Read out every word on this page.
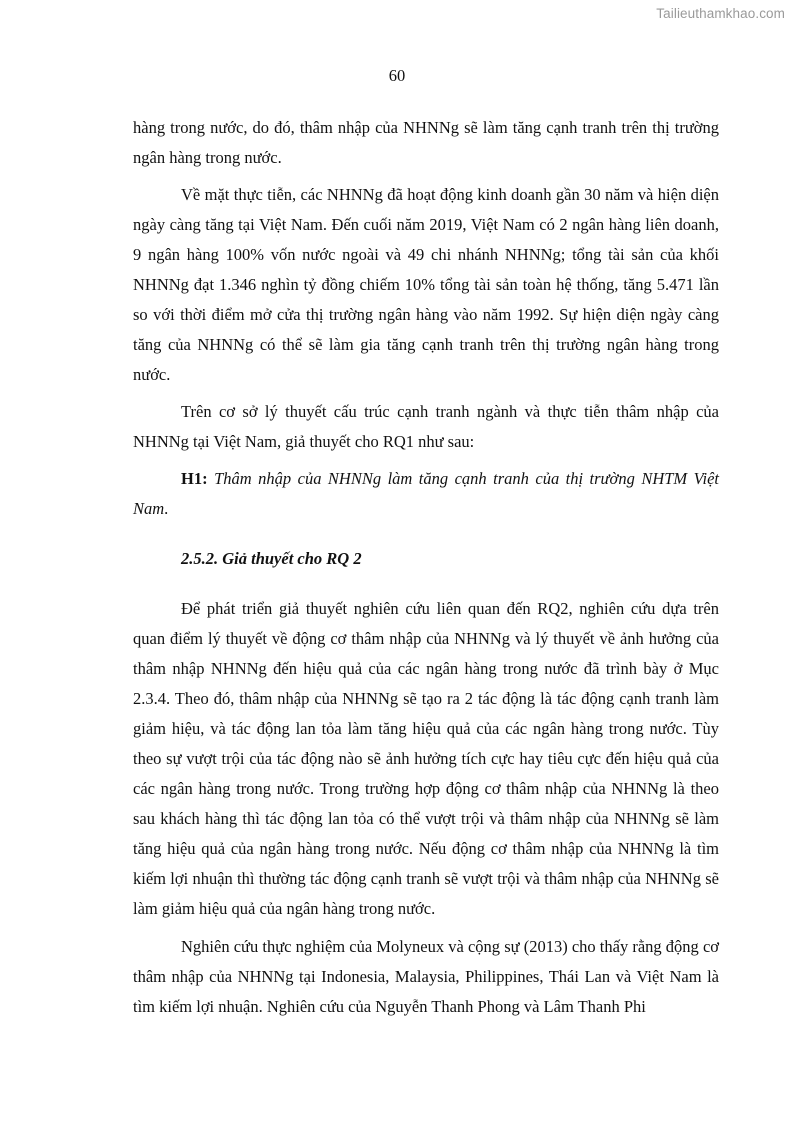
Tailieuthamkhao.com
60

hàng trong nước, do đó, thâm nhập của NHNNg sẽ làm tăng cạnh tranh trên thị trường ngân hàng trong nước.

Về mặt thực tiễn, các NHNNg đã hoạt động kinh doanh gần 30 năm và hiện diện ngày càng tăng tại Việt Nam. Đến cuối năm 2019, Việt Nam có 2 ngân hàng liên doanh, 9 ngân hàng 100% vốn nước ngoài và 49 chi nhánh NHNNg; tổng tài sản của khối NHNNg đạt 1.346 nghìn tỷ đồng chiếm 10% tổng tài sản toàn hệ thống, tăng 5.471 lần so với thời điểm mở cửa thị trường ngân hàng vào năm 1992. Sự hiện diện ngày càng tăng của NHNNg có thể sẽ làm gia tăng cạnh tranh trên thị trường ngân hàng trong nước.

Trên cơ sở lý thuyết cấu trúc cạnh tranh ngành và thực tiễn thâm nhập của NHNNg tại Việt Nam, giả thuyết cho RQ1 như sau:

H1: Thâm nhập của NHNNg làm tăng cạnh tranh của thị trường NHTM Việt Nam.

2.5.2. Giả thuyết cho RQ 2

Để phát triển giả thuyết nghiên cứu liên quan đến RQ2, nghiên cứu dựa trên quan điểm lý thuyết về động cơ thâm nhập của NHNNg và lý thuyết về ảnh hưởng của thâm nhập NHNNg đến hiệu quả của các ngân hàng trong nước đã trình bày ở Mục 2.3.4. Theo đó, thâm nhập của NHNNg sẽ tạo ra 2 tác động là tác động cạnh tranh làm giảm hiệu, và tác động lan tỏa làm tăng hiệu quả của các ngân hàng trong nước. Tùy theo sự vượt trội của tác động nào sẽ ảnh hưởng tích cực hay tiêu cực đến hiệu quả của các ngân hàng trong nước. Trong trường hợp động cơ thâm nhập của NHNNg là theo sau khách hàng thì tác động lan tỏa có thể vượt trội và thâm nhập của NHNNg sẽ làm tăng hiệu quả của ngân hàng trong nước. Nếu động cơ thâm nhập của NHNNg là tìm kiếm lợi nhuận thì thường tác động cạnh tranh sẽ vượt trội và thâm nhập của NHNNg sẽ làm giảm hiệu quả của ngân hàng trong nước.

Nghiên cứu thực nghiệm của Molyneux và cộng sự (2013) cho thấy rằng động cơ thâm nhập của NHNNg tại Indonesia, Malaysia, Philippines, Thái Lan và Việt Nam là tìm kiếm lợi nhuận. Nghiên cứu của Nguyễn Thanh Phong và Lâm Thanh Phi
